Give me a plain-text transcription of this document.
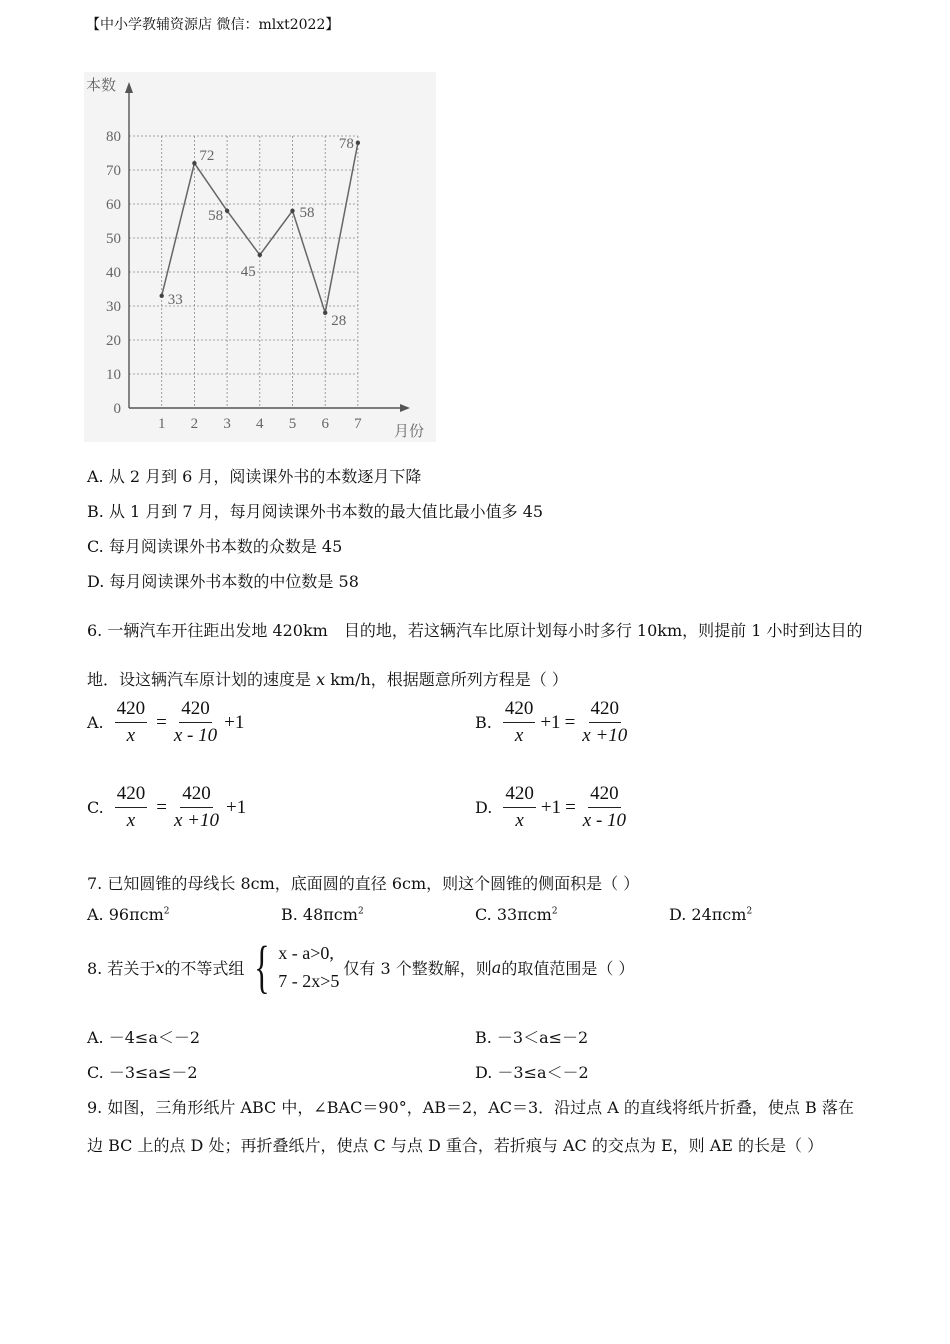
【中小学教辅资源店 微信：mlxt2022】
0
10
20
30
40
50
60
70
80
1 2 3 4 5 6 7
33
72
58
45
58
28
78
本数
月份
A. 从 2 月到 6 月，阅读课外书的本数逐月下降
B. 从 1 月到 7 月，每月阅读课外书本数的最大值比最小值多 45
C. 每月阅读课外书本数的众数是 45
D. 每月阅读课外书本数的中位数是 58
6. 一辆汽车开往距出发地 420km　目的地，若这辆汽车比原计划每小时多行 10km，则提前 1 小时到达目的
地．设这辆汽车原计划的速度是 x km/h，根据题意所列方程是（ ）
A. $\frac{420}{x} = \frac{420}{x - 10} +1$	B. $\frac{420}{x} +1 = \frac{420}{x +10}$
C. $\frac{420}{x} = \frac{420}{x +10} +1$	D. $\frac{420}{x} +1 = \frac{420}{x - 10}$
7. 已知圆锥的母线长 8cm，底面圆的直径 6cm，则这个圆锥的侧面积是（ ）
A. 96πcm$^2$	B. 48πcm$^2$	C. 33πcm$^2$	D. 24πcm$^2$
8. 若关于 x 的不等式组 { x - a>0,
7 - 2x>5
仅有 3 个整数解，则 a 的取值范围是（ ）
A. －4≤a＜－2	B. －3＜a≤－2
C. －3≤a≤－2	D. －3≤a＜－2
9. 如图，三角形纸片 ABC 中，∠BAC＝90°，AB＝2，AC＝3．沿过点 A 的直线将纸片折叠，使点 B 落在
边 BC 上的点 D 处；再折叠纸片，使点 C 与点 D 重合，若折痕与 AC 的交点为 E，则 AE 的长是（ ）
